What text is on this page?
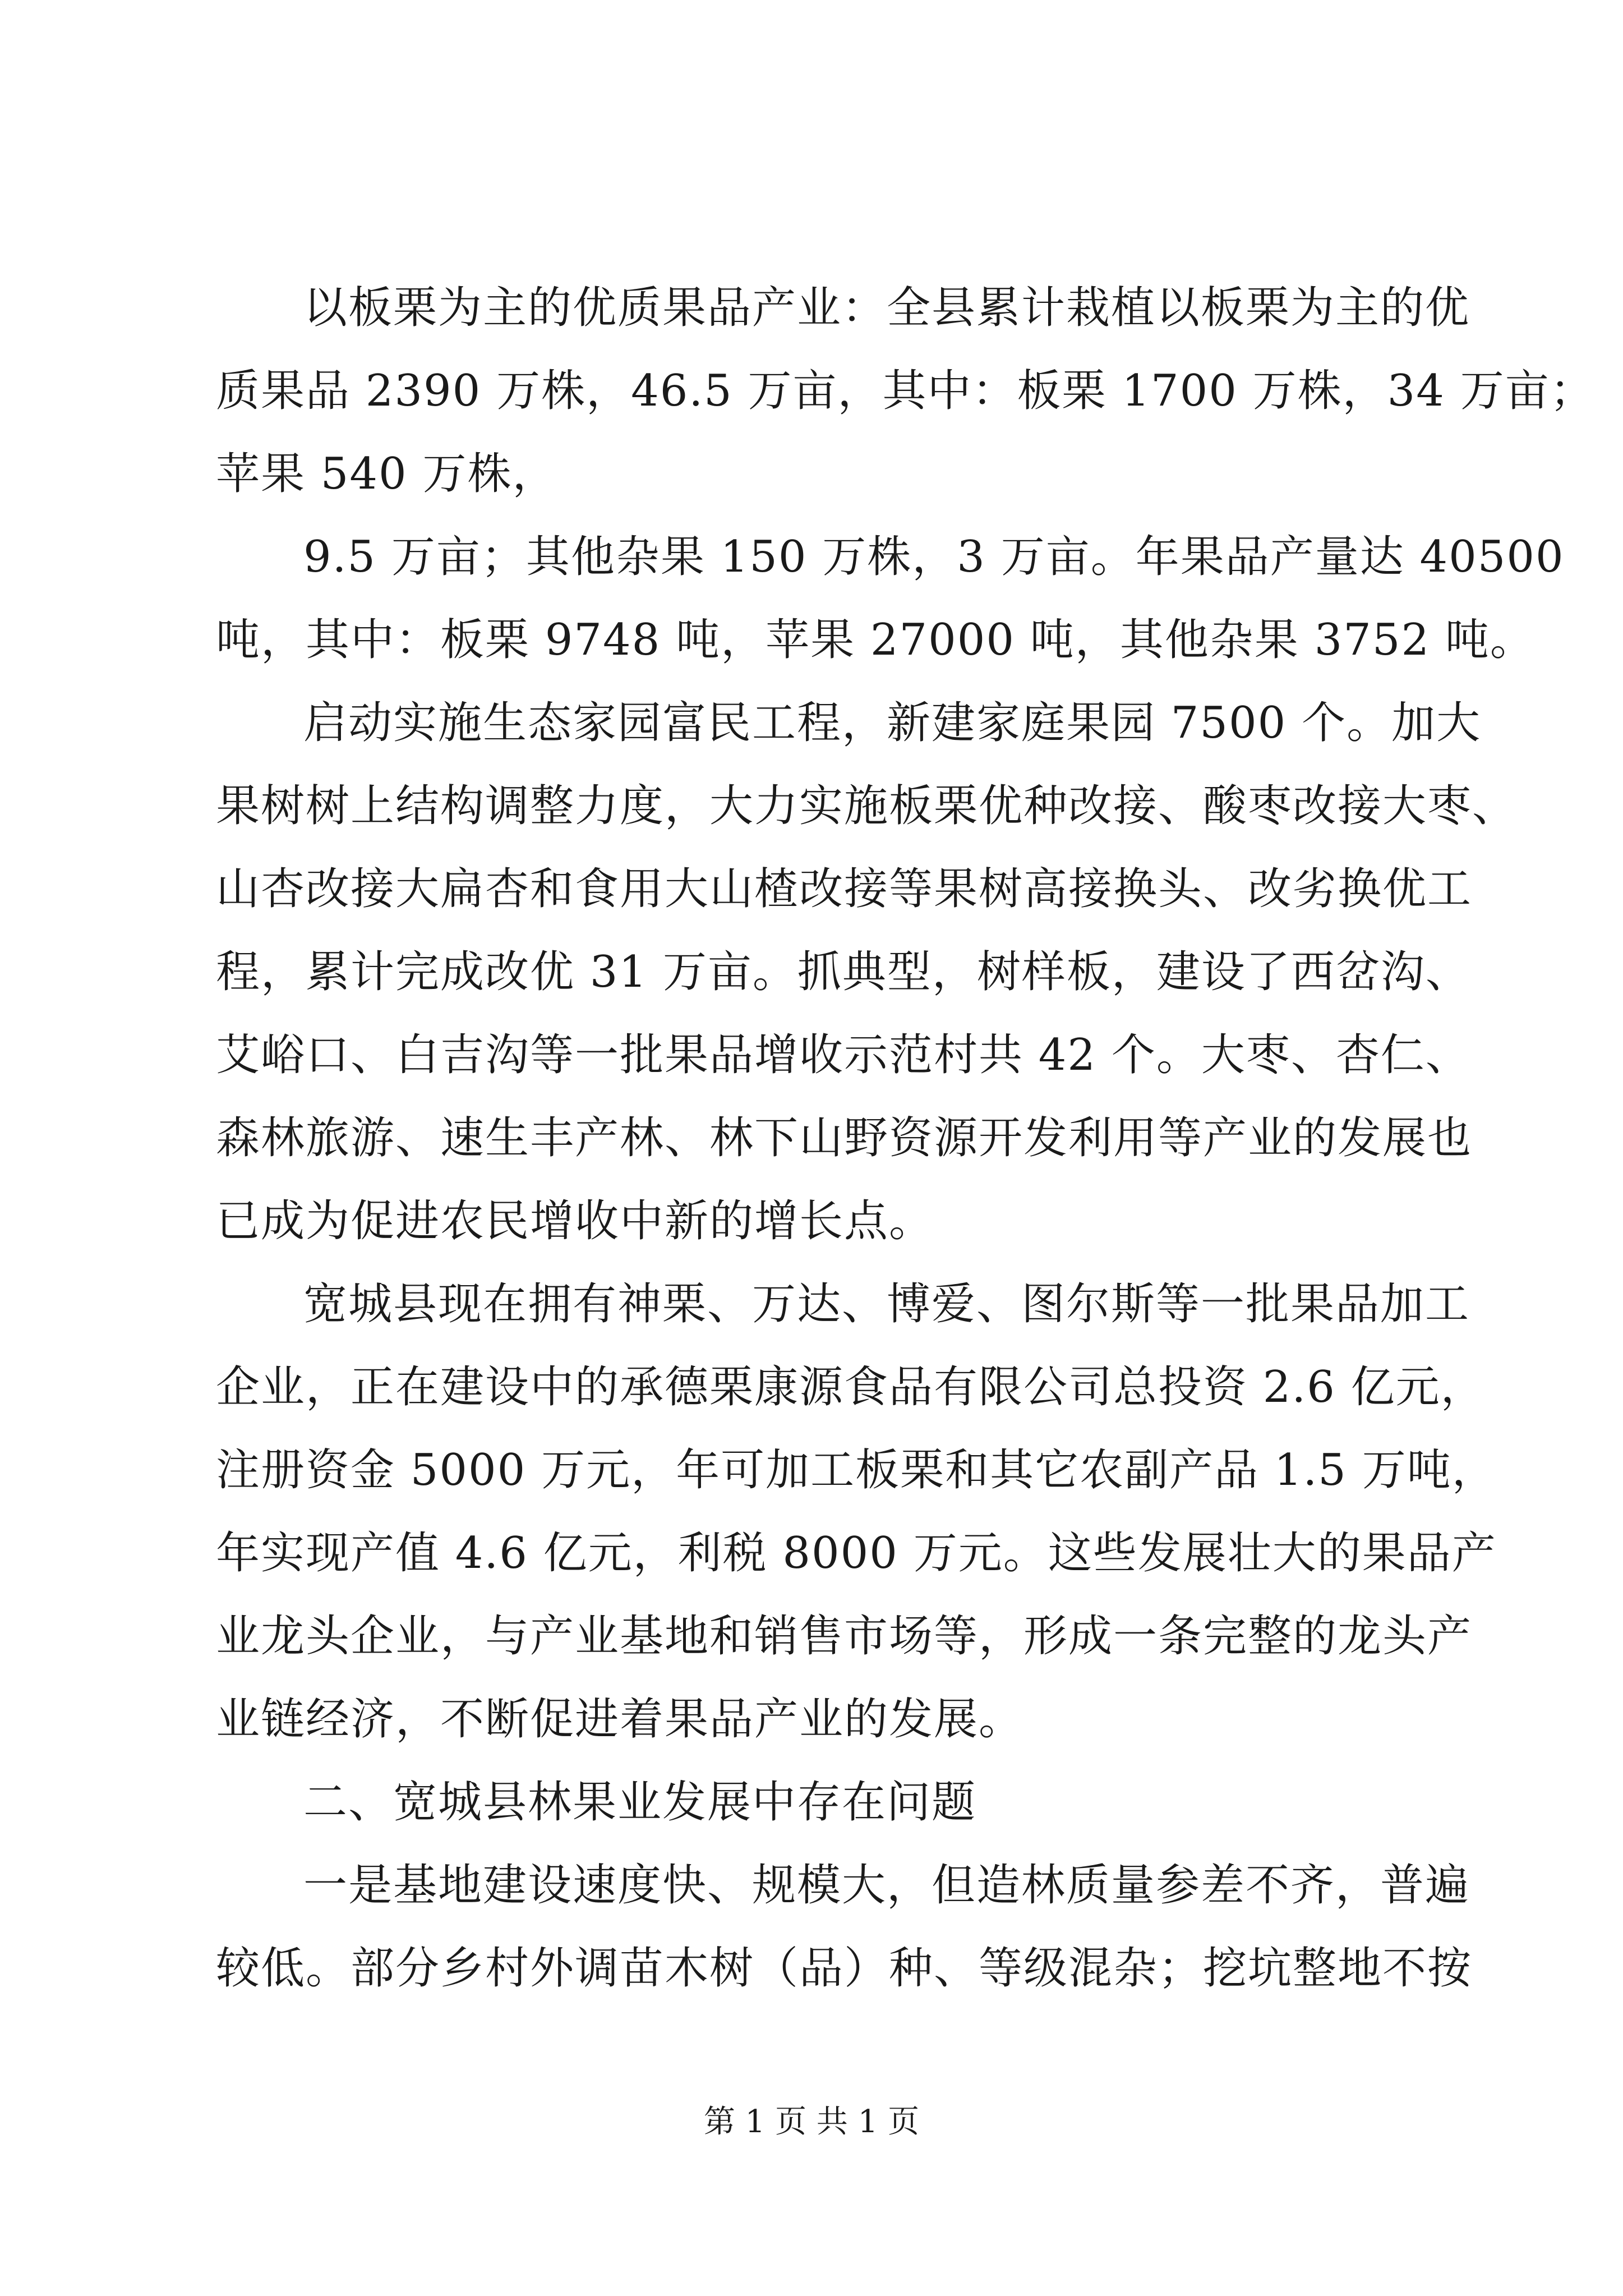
以板栗为主的优质果品产业：全县累计栽植以板栗为主的优
质果品 2390 万株，46.5 万亩，其中：板栗 1700 万株，34 万亩；
苹果 540 万株，
9.5 万亩；其他杂果 150 万株，3 万亩。年果品产量达 40500
吨，其中：板栗 9748 吨，苹果 27000 吨，其他杂果 3752 吨。
启动实施生态家园富民工程，新建家庭果园 7500 个。加大
果树树上结构调整力度，大力实施板栗优种改接、酸枣改接大枣、
山杏改接大扁杏和食用大山楂改接等果树高接换头、改劣换优工
程，累计完成改优 31 万亩。抓典型，树样板，建设了西岔沟、
艾峪口、白吉沟等一批果品增收示范村共 42 个。大枣、杏仁、
森林旅游、速生丰产林、林下山野资源开发利用等产业的发展也
已成为促进农民增收中新的增长点。
宽城县现在拥有神栗、万达、博爱、图尔斯等一批果品加工
企业，正在建设中的承德栗康源食品有限公司总投资 2.6 亿元，
注册资金 5000 万元，年可加工板栗和其它农副产品 1.5 万吨，
年实现产值 4.6 亿元，利税 8000 万元。这些发展壮大的果品产
业龙头企业，与产业基地和销售市场等，形成一条完整的龙头产
业链经济，不断促进着果品产业的发展。
二、宽城县林果业发展中存在问题
一是基地建设速度快、规模大，但造林质量参差不齐，普遍
较低。部分乡村外调苗木树（品）种、等级混杂；挖坑整地不按
第 1 页 共 1 页
